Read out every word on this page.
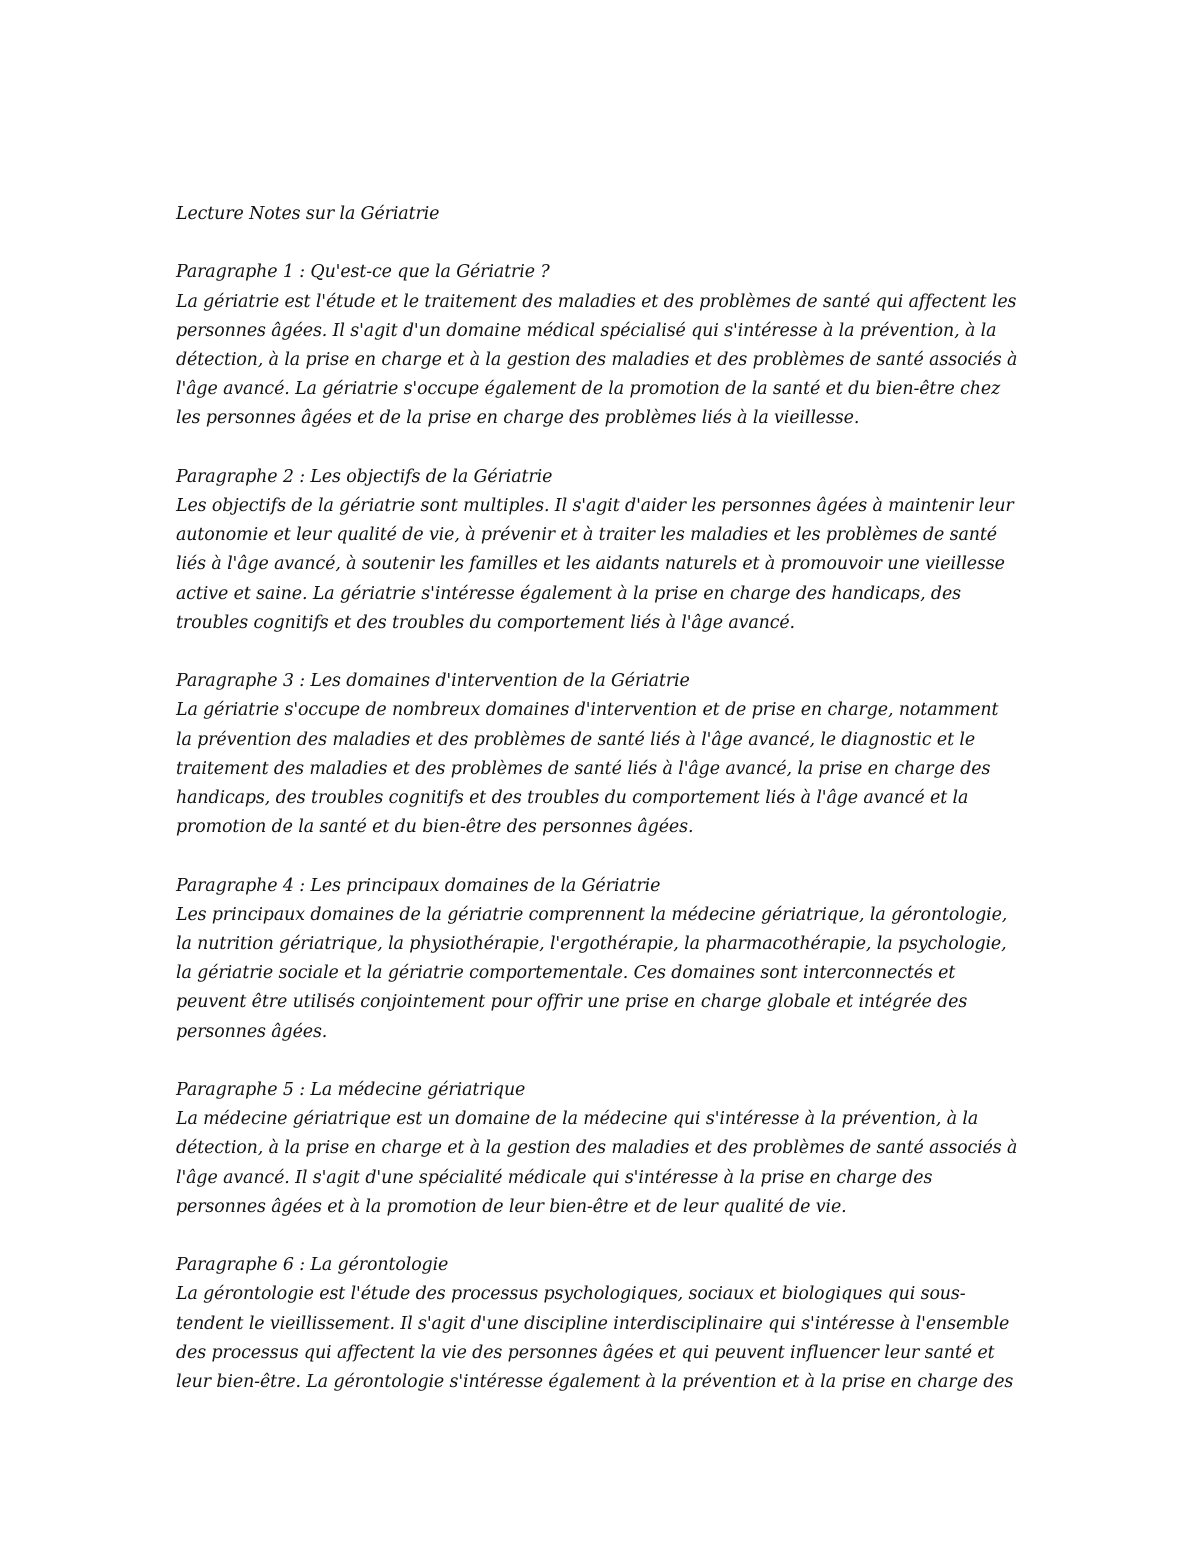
Lecture Notes sur la Gériatrie

Paragraphe 1 : Qu'est-ce que la Gériatrie ?

La gériatrie est l'étude et le traitement des maladies et des problèmes de santé qui affectent les

personnes âgées. Il s'agit d'un domaine médical spécialisé qui s'intéresse à la prévention, à la

détection, à la prise en charge et à la gestion des maladies et des problèmes de santé associés à

l'âge avancé. La gériatrie s'occupe également de la promotion de la santé et du bien-être chez

les personnes âgées et de la prise en charge des problèmes liés à la vieillesse.

Paragraphe 2 : Les objectifs de la Gériatrie

Les objectifs de la gériatrie sont multiples. Il s'agit d'aider les personnes âgées à maintenir leur

autonomie et leur qualité de vie, à prévenir et à traiter les maladies et les problèmes de santé

liés à l'âge avancé, à soutenir les familles et les aidants naturels et à promouvoir une vieillesse

active et saine. La gériatrie s'intéresse également à la prise en charge des handicaps, des

troubles cognitifs et des troubles du comportement liés à l'âge avancé.

Paragraphe 3 : Les domaines d'intervention de la Gériatrie

La gériatrie s'occupe de nombreux domaines d'intervention et de prise en charge, notamment

la prévention des maladies et des problèmes de santé liés à l'âge avancé, le diagnostic et le

traitement des maladies et des problèmes de santé liés à l'âge avancé, la prise en charge des

handicaps, des troubles cognitifs et des troubles du comportement liés à l'âge avancé et la

promotion de la santé et du bien-être des personnes âgées.

Paragraphe 4 : Les principaux domaines de la Gériatrie

Les principaux domaines de la gériatrie comprennent la médecine gériatrique, la gérontologie,

la nutrition gériatrique, la physiothérapie, l'ergothérapie, la pharmacothérapie, la psychologie,

la gériatrie sociale et la gériatrie comportementale. Ces domaines sont interconnectés et

peuvent être utilisés conjointement pour offrir une prise en charge globale et intégrée des

personnes âgées.

Paragraphe 5 : La médecine gériatrique

La médecine gériatrique est un domaine de la médecine qui s'intéresse à la prévention, à la

détection, à la prise en charge et à la gestion des maladies et des problèmes de santé associés à

l'âge avancé. Il s'agit d'une spécialité médicale qui s'intéresse à la prise en charge des

personnes âgées et à la promotion de leur bien-être et de leur qualité de vie.

Paragraphe 6 : La gérontologie

La gérontologie est l'étude des processus psychologiques, sociaux et biologiques qui sous-

tendent le vieillissement. Il s'agit d'une discipline interdisciplinaire qui s'intéresse à l'ensemble

des processus qui affectent la vie des personnes âgées et qui peuvent influencer leur santé et

leur bien-être. La gérontologie s'intéresse également à la prévention et à la prise en charge des
